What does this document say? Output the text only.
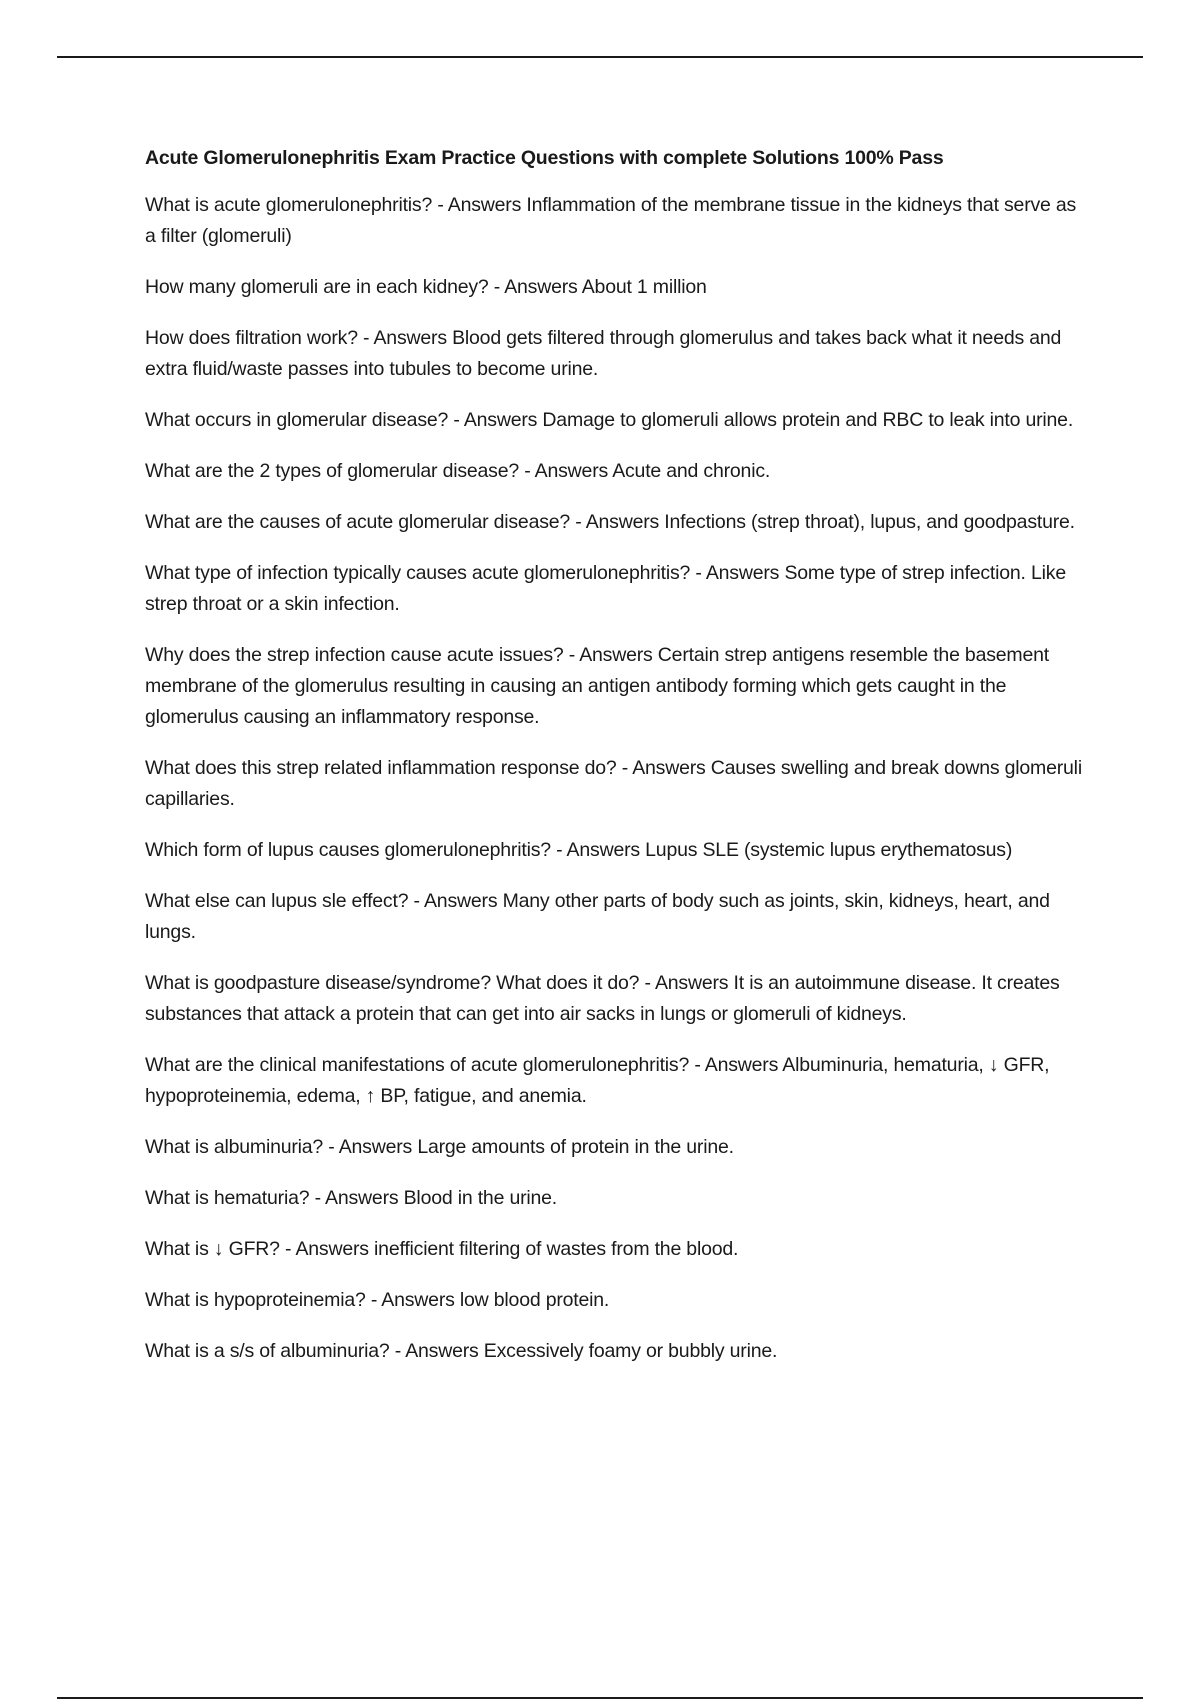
Acute Glomerulonephritis Exam Practice Questions with complete Solutions 100% Pass

What is acute glomerulonephritis? - Answers Inflammation of the membrane tissue in the kidneys that serve as a filter (glomeruli)

How many glomeruli are in each kidney? - Answers About 1 million

How does filtration work? - Answers Blood gets filtered through glomerulus and takes back what it needs and extra fluid/waste passes into tubules to become urine.

What occurs in glomerular disease? - Answers Damage to glomeruli allows protein and RBC to leak into urine.

What are the 2 types of glomerular disease? - Answers Acute and chronic.

What are the causes of acute glomerular disease? - Answers Infections (strep throat), lupus, and goodpasture.

What type of infection typically causes acute glomerulonephritis? - Answers Some type of strep infection. Like strep throat or a skin infection.

Why does the strep infection cause acute issues? - Answers Certain strep antigens resemble the basement membrane of the glomerulus resulting in causing an antigen antibody forming which gets caught in the glomerulus causing an inflammatory response.

What does this strep related inflammation response do? - Answers Causes swelling and break downs glomeruli capillaries.

Which form of lupus causes glomerulonephritis? - Answers Lupus SLE (systemic lupus erythematosus)

What else can lupus sle effect? - Answers Many other parts of body such as joints, skin, kidneys, heart, and lungs.

What is goodpasture disease/syndrome? What does it do? - Answers It is an autoimmune disease. It creates substances that attack a protein that can get into air sacks in lungs or glomeruli of kidneys.

What are the clinical manifestations of acute glomerulonephritis? - Answers Albuminuria, hematuria, ↓ GFR, hypoproteinemia, edema, ↑ BP, fatigue, and anemia.

What is albuminuria? - Answers Large amounts of protein in the urine.

What is hematuria? - Answers Blood in the urine.

What is ↓ GFR? - Answers inefficient filtering of wastes from the blood.

What is hypoproteinemia? - Answers low blood protein.

What is a s/s of albuminuria? - Answers Excessively foamy or bubbly urine.
